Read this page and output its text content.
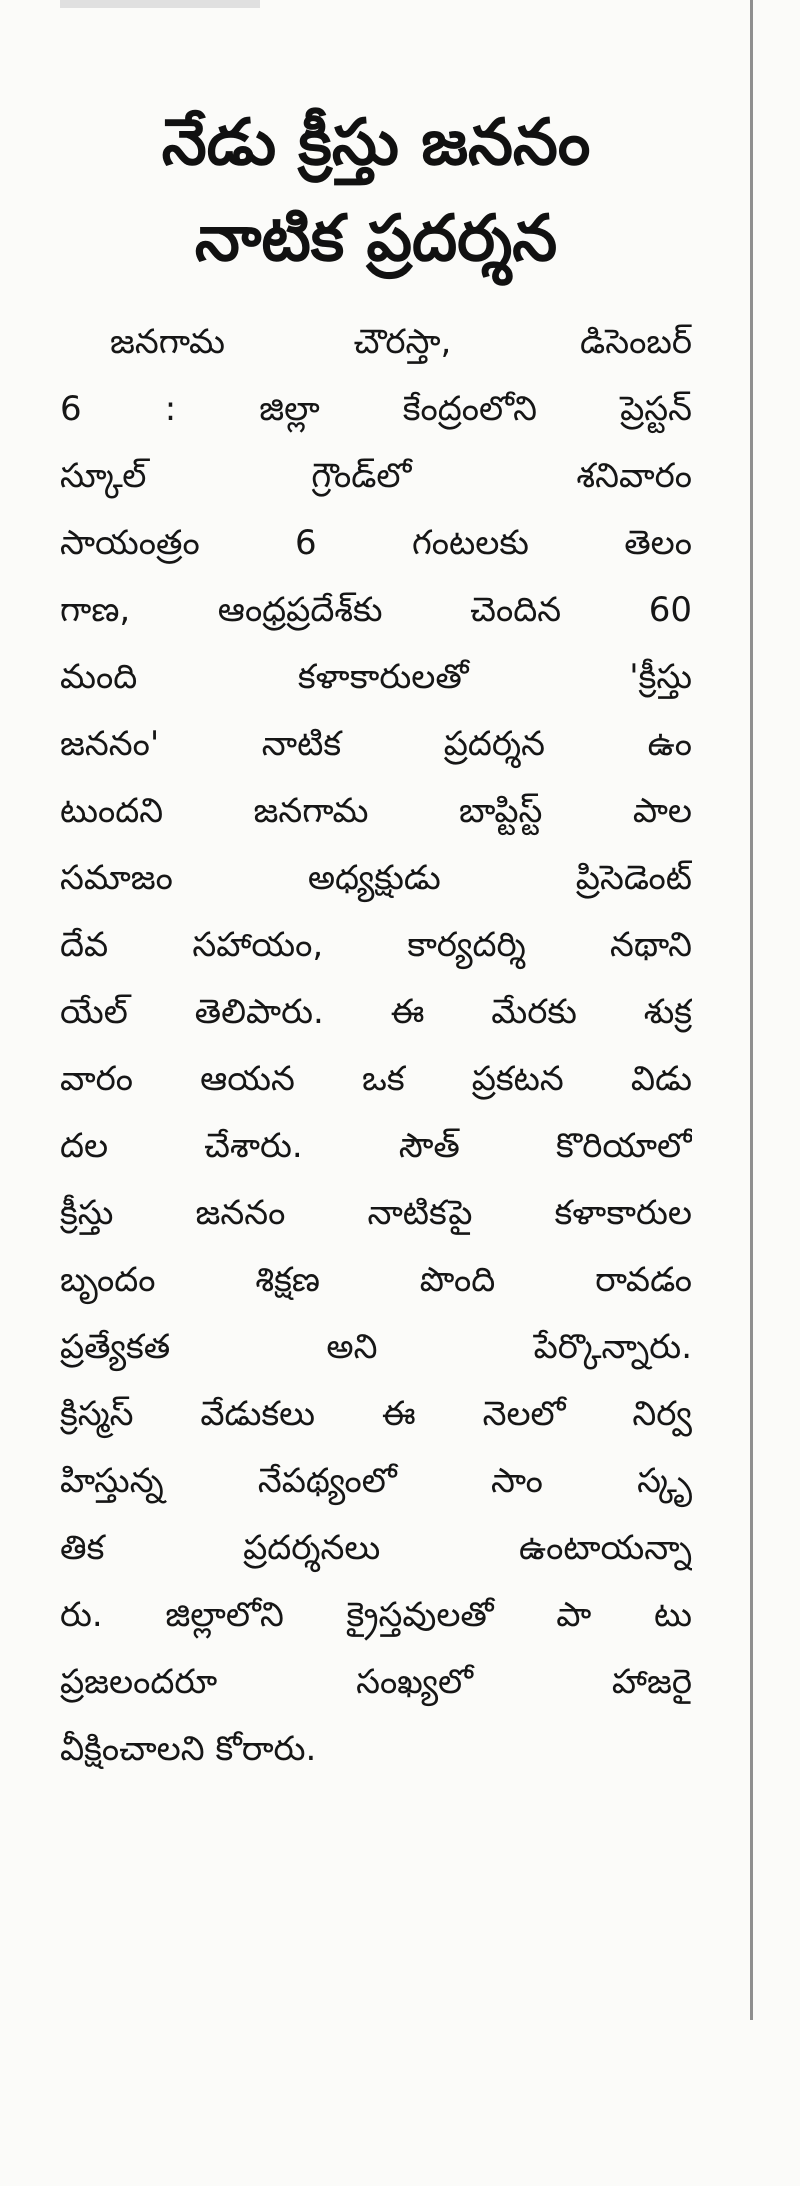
నేడు క్రీస్తు జననం
నాటిక ప్రదర్శన
జనగామ చౌరస్తా, డిసెంబర్
6 : జిల్లా కేంద్రంలోని ప్రెస్టన్
స్కూల్ గ్రౌండ్‌లో శనివారం
సాయంత్రం 6 గంటలకు తెలం
గాణ, ఆంధ్రప్రదేశ్‌కు చెందిన 60
మంది కళాకారులతో 'క్రీస్తు
జననం' నాటిక ప్రదర్శన ఉం
టుందని జనగామ బాప్టిస్ట్ పాల
సమాజం అధ్యక్షుడు ప్రిసెడెంట్
దేవ సహాయం, కార్యదర్శి నథాని
యేల్ తెలిపారు. ఈ మేరకు శుక్ర
వారం ఆయన ఒక ప్రకటన విడు
దల చేశారు. సౌత్ కొరియాలో
క్రీస్తు జననం నాటికపై కళాకారుల
బృందం శిక్షణ పొంది రావడం
ప్రత్యేకత అని పేర్కొన్నారు.
క్రిస్మస్ వేడుకలు ఈ నెలలో నిర్వ
హిస్తున్న నేపథ్యంలో సాం స్కృ
తిక ప్రదర్శనలు ఉంటాయన్నా
రు. జిల్లాలోని క్రైస్తవులతో పా టు
ప్రజలందరూ సంఖ్యలో హాజరై
వీక్షించాలని కోరారు.
